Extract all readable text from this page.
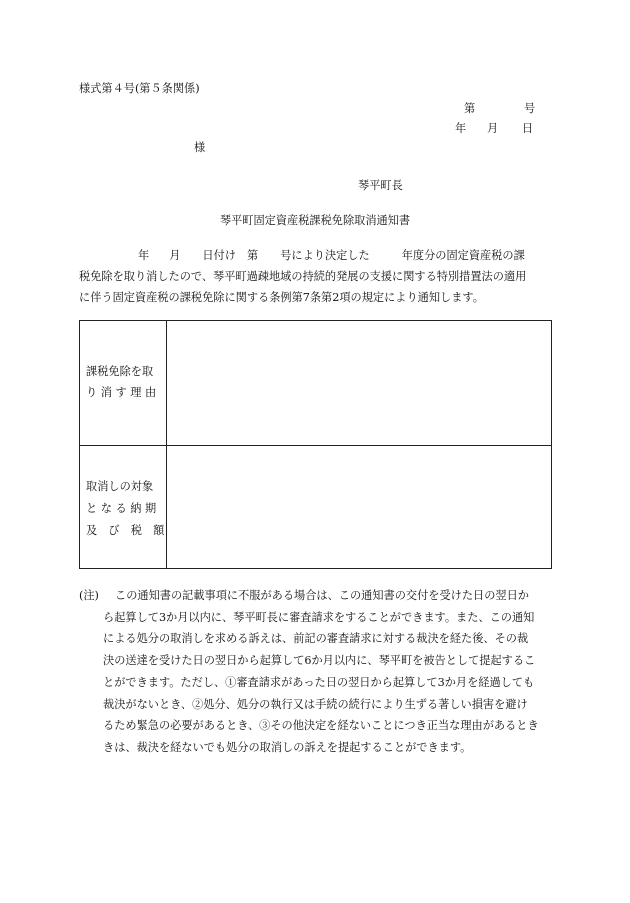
様式第４号(第５条関係)
第	号
年 月 日
様
琴平町長
琴平町固定資産税課税免除取消通知書
年 月 日付け 第 号により決定した	年度分の固定資産税の課
税免除を取り消したので、琴平町過疎地域の持続的発展の支援に関する特別措置法の適用
に伴う固定資産税の課税免除に関する条例第7条第2項の規定により通知します。
課税免除を取
り 消 す 理 由
取消しの対象
と な る 納 期
及　び　税　額
(注) この通知書の記載事項に不服がある場合は、この通知書の交付を受けた日の翌日か
ら起算して3か月以内に、琴平町長に審査請求をすることができます。また、この通知
による処分の取消しを求める訴えは、前記の審査請求に対する裁決を経た後、その裁
決の送達を受けた日の翌日から起算して6か月以内に、琴平町を被告として提起するこ
とができます。ただし、①審査請求があった日の翌日から起算して3か月を経過しても
裁決がないとき、②処分、処分の執行又は手続の続行により生ずる著しい損害を避け
るため緊急の必要があるとき、③その他決定を経ないことにつき正当な理由があるとき
きは、裁決を経ないでも処分の取消しの訴えを提起することができます。
